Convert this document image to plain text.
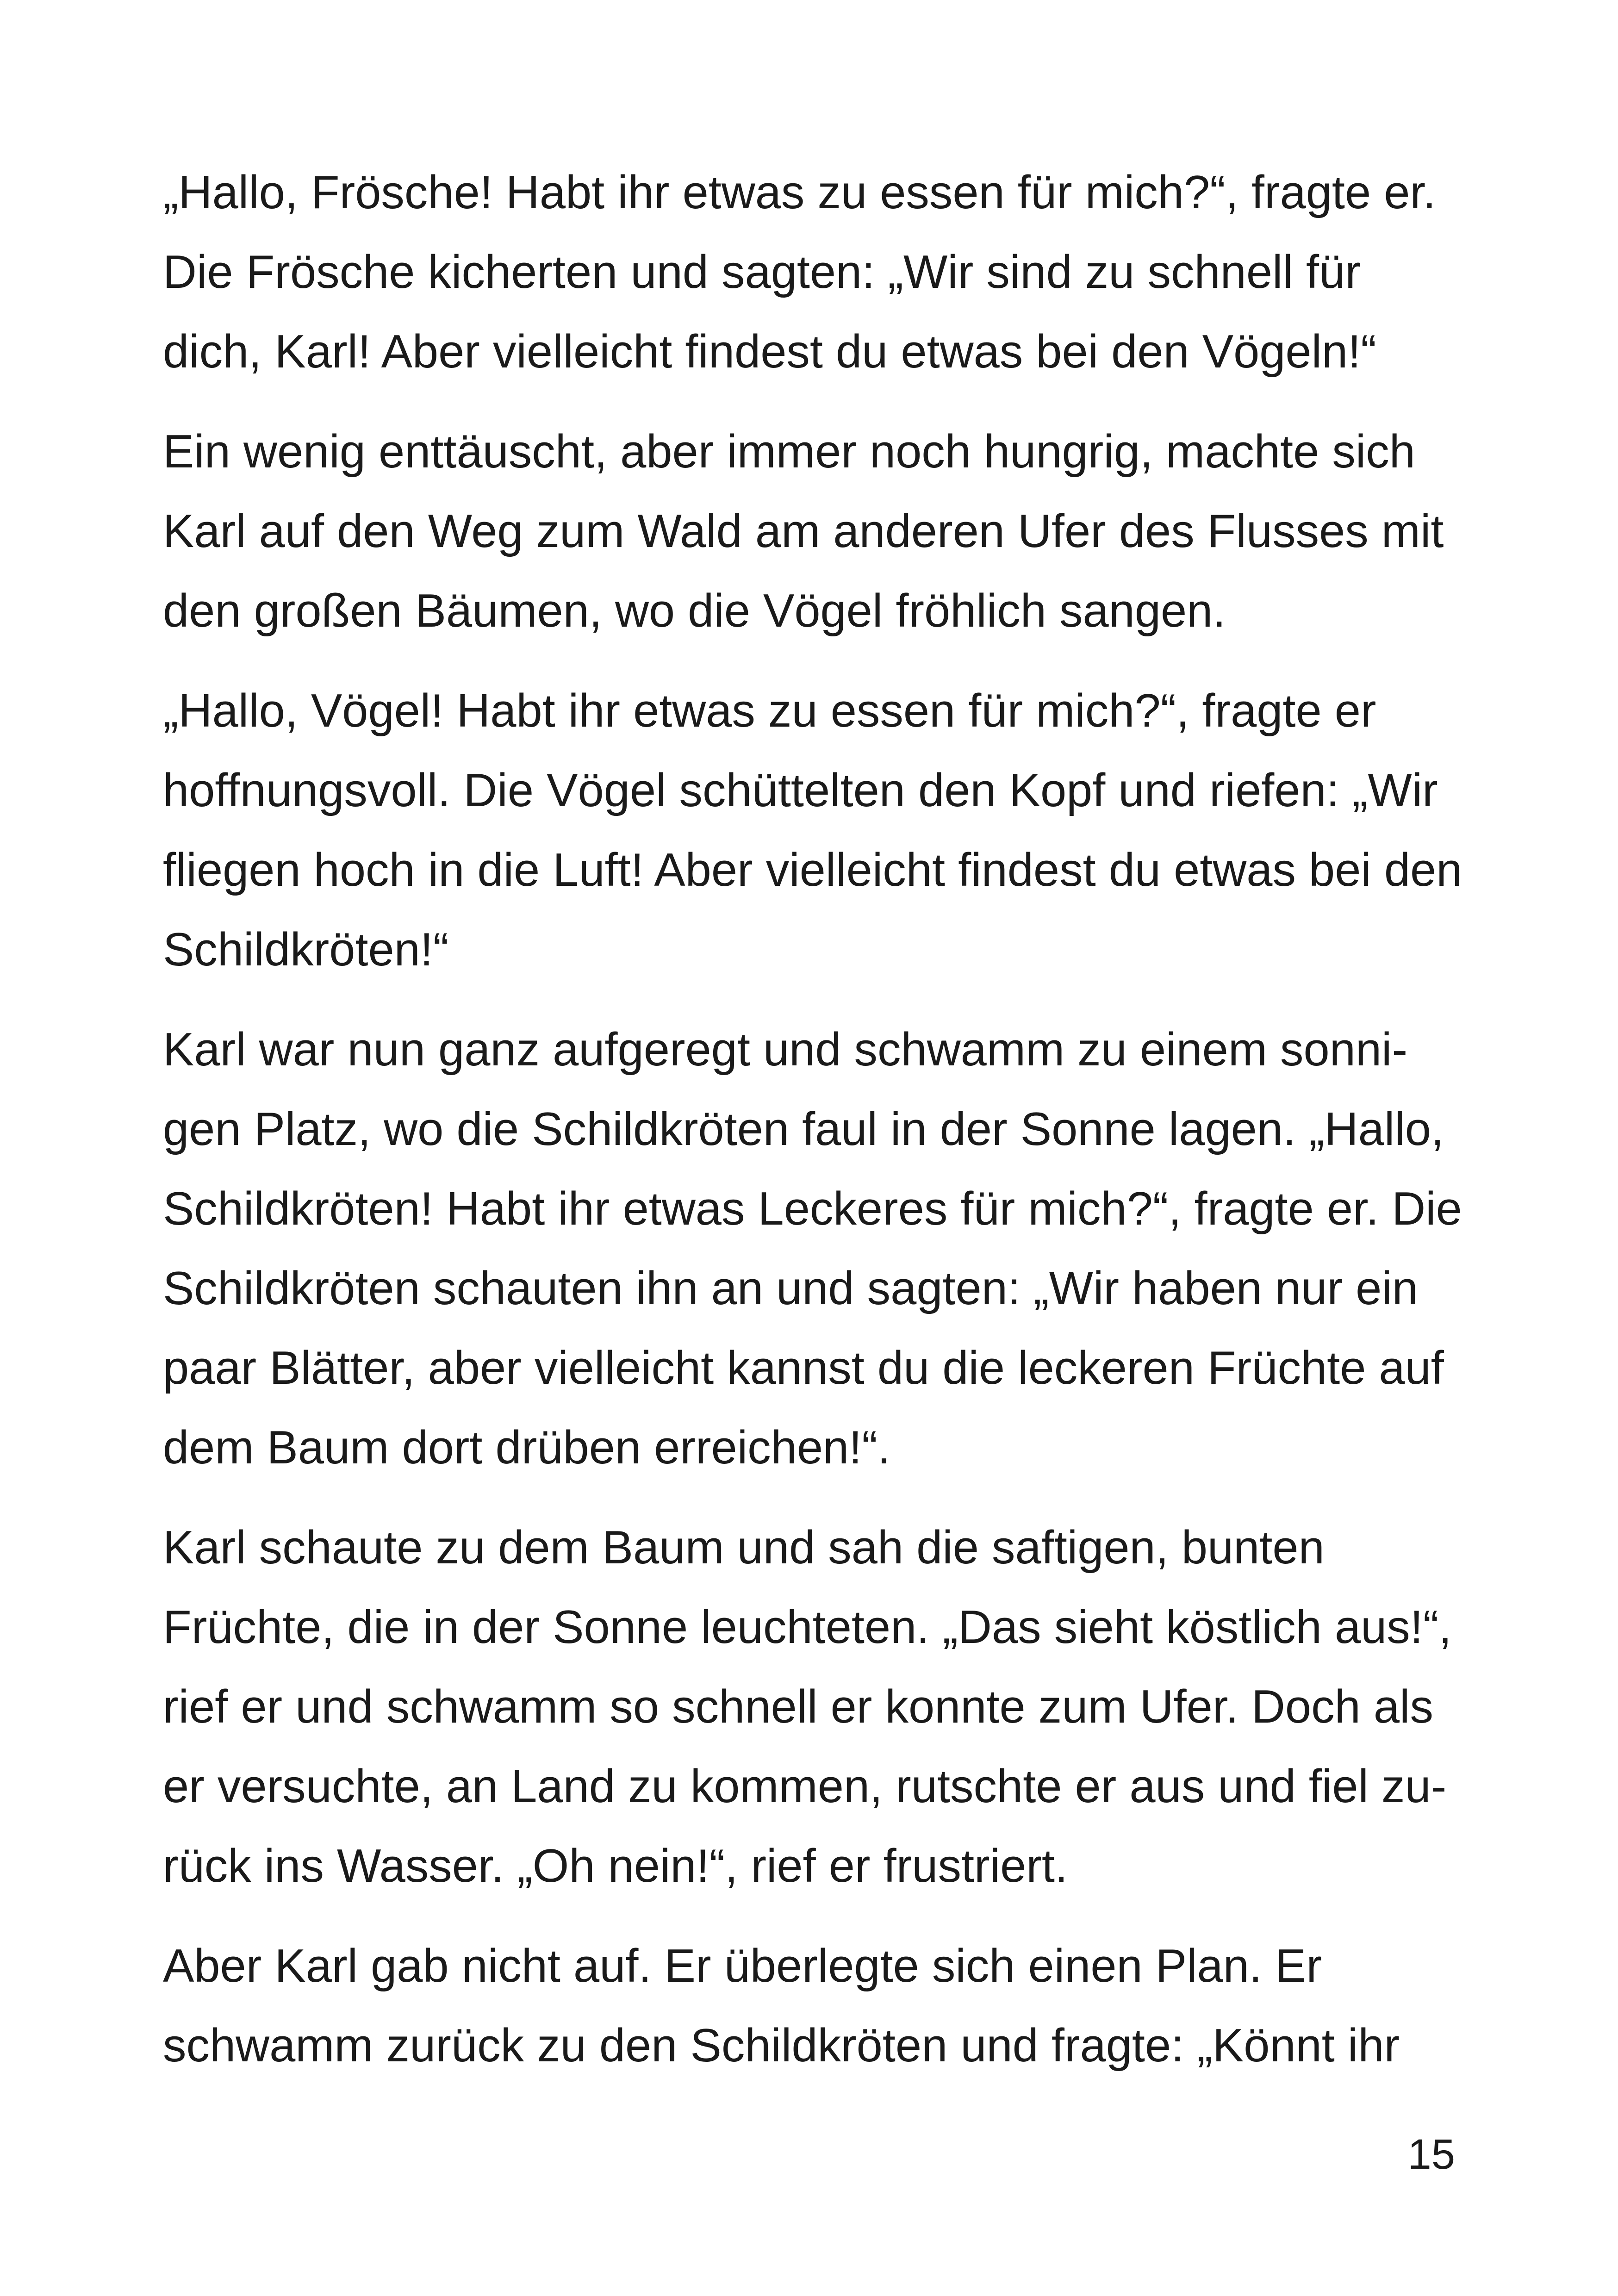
„Hallo, Frösche! Habt ihr etwas zu essen für mich?“, fragte er.
Die Frösche kicherten und sagten: „Wir sind zu schnell für
dich, Karl! Aber vielleicht findest du etwas bei den Vögeln!“

Ein wenig enttäuscht, aber immer noch hungrig, machte sich
Karl auf den Weg zum Wald am anderen Ufer des Flusses mit
den großen Bäumen, wo die Vögel fröhlich sangen.

„Hallo, Vögel! Habt ihr etwas zu essen für mich?“, fragte er
hoffnungsvoll. Die Vögel schüttelten den Kopf und riefen: „Wir
fliegen hoch in die Luft! Aber vielleicht findest du etwas bei den
Schildkröten!“

Karl war nun ganz aufgeregt und schwamm zu einem sonni-
gen Platz, wo die Schildkröten faul in der Sonne lagen. „Hallo,
Schildkröten! Habt ihr etwas Leckeres für mich?“, fragte er. Die
Schildkröten schauten ihn an und sagten: „Wir haben nur ein
paar Blätter, aber vielleicht kannst du die leckeren Früchte auf
dem Baum dort drüben erreichen!“.

Karl schaute zu dem Baum und sah die saftigen, bunten
Früchte, die in der Sonne leuchteten. „Das sieht köstlich aus!“,
rief er und schwamm so schnell er konnte zum Ufer. Doch als
er versuchte, an Land zu kommen, rutschte er aus und fiel zu-
rück ins Wasser. „Oh nein!“, rief er frustriert.

Aber Karl gab nicht auf. Er überlegte sich einen Plan. Er
schwamm zurück zu den Schildkröten und fragte: „Könnt ihr

15
